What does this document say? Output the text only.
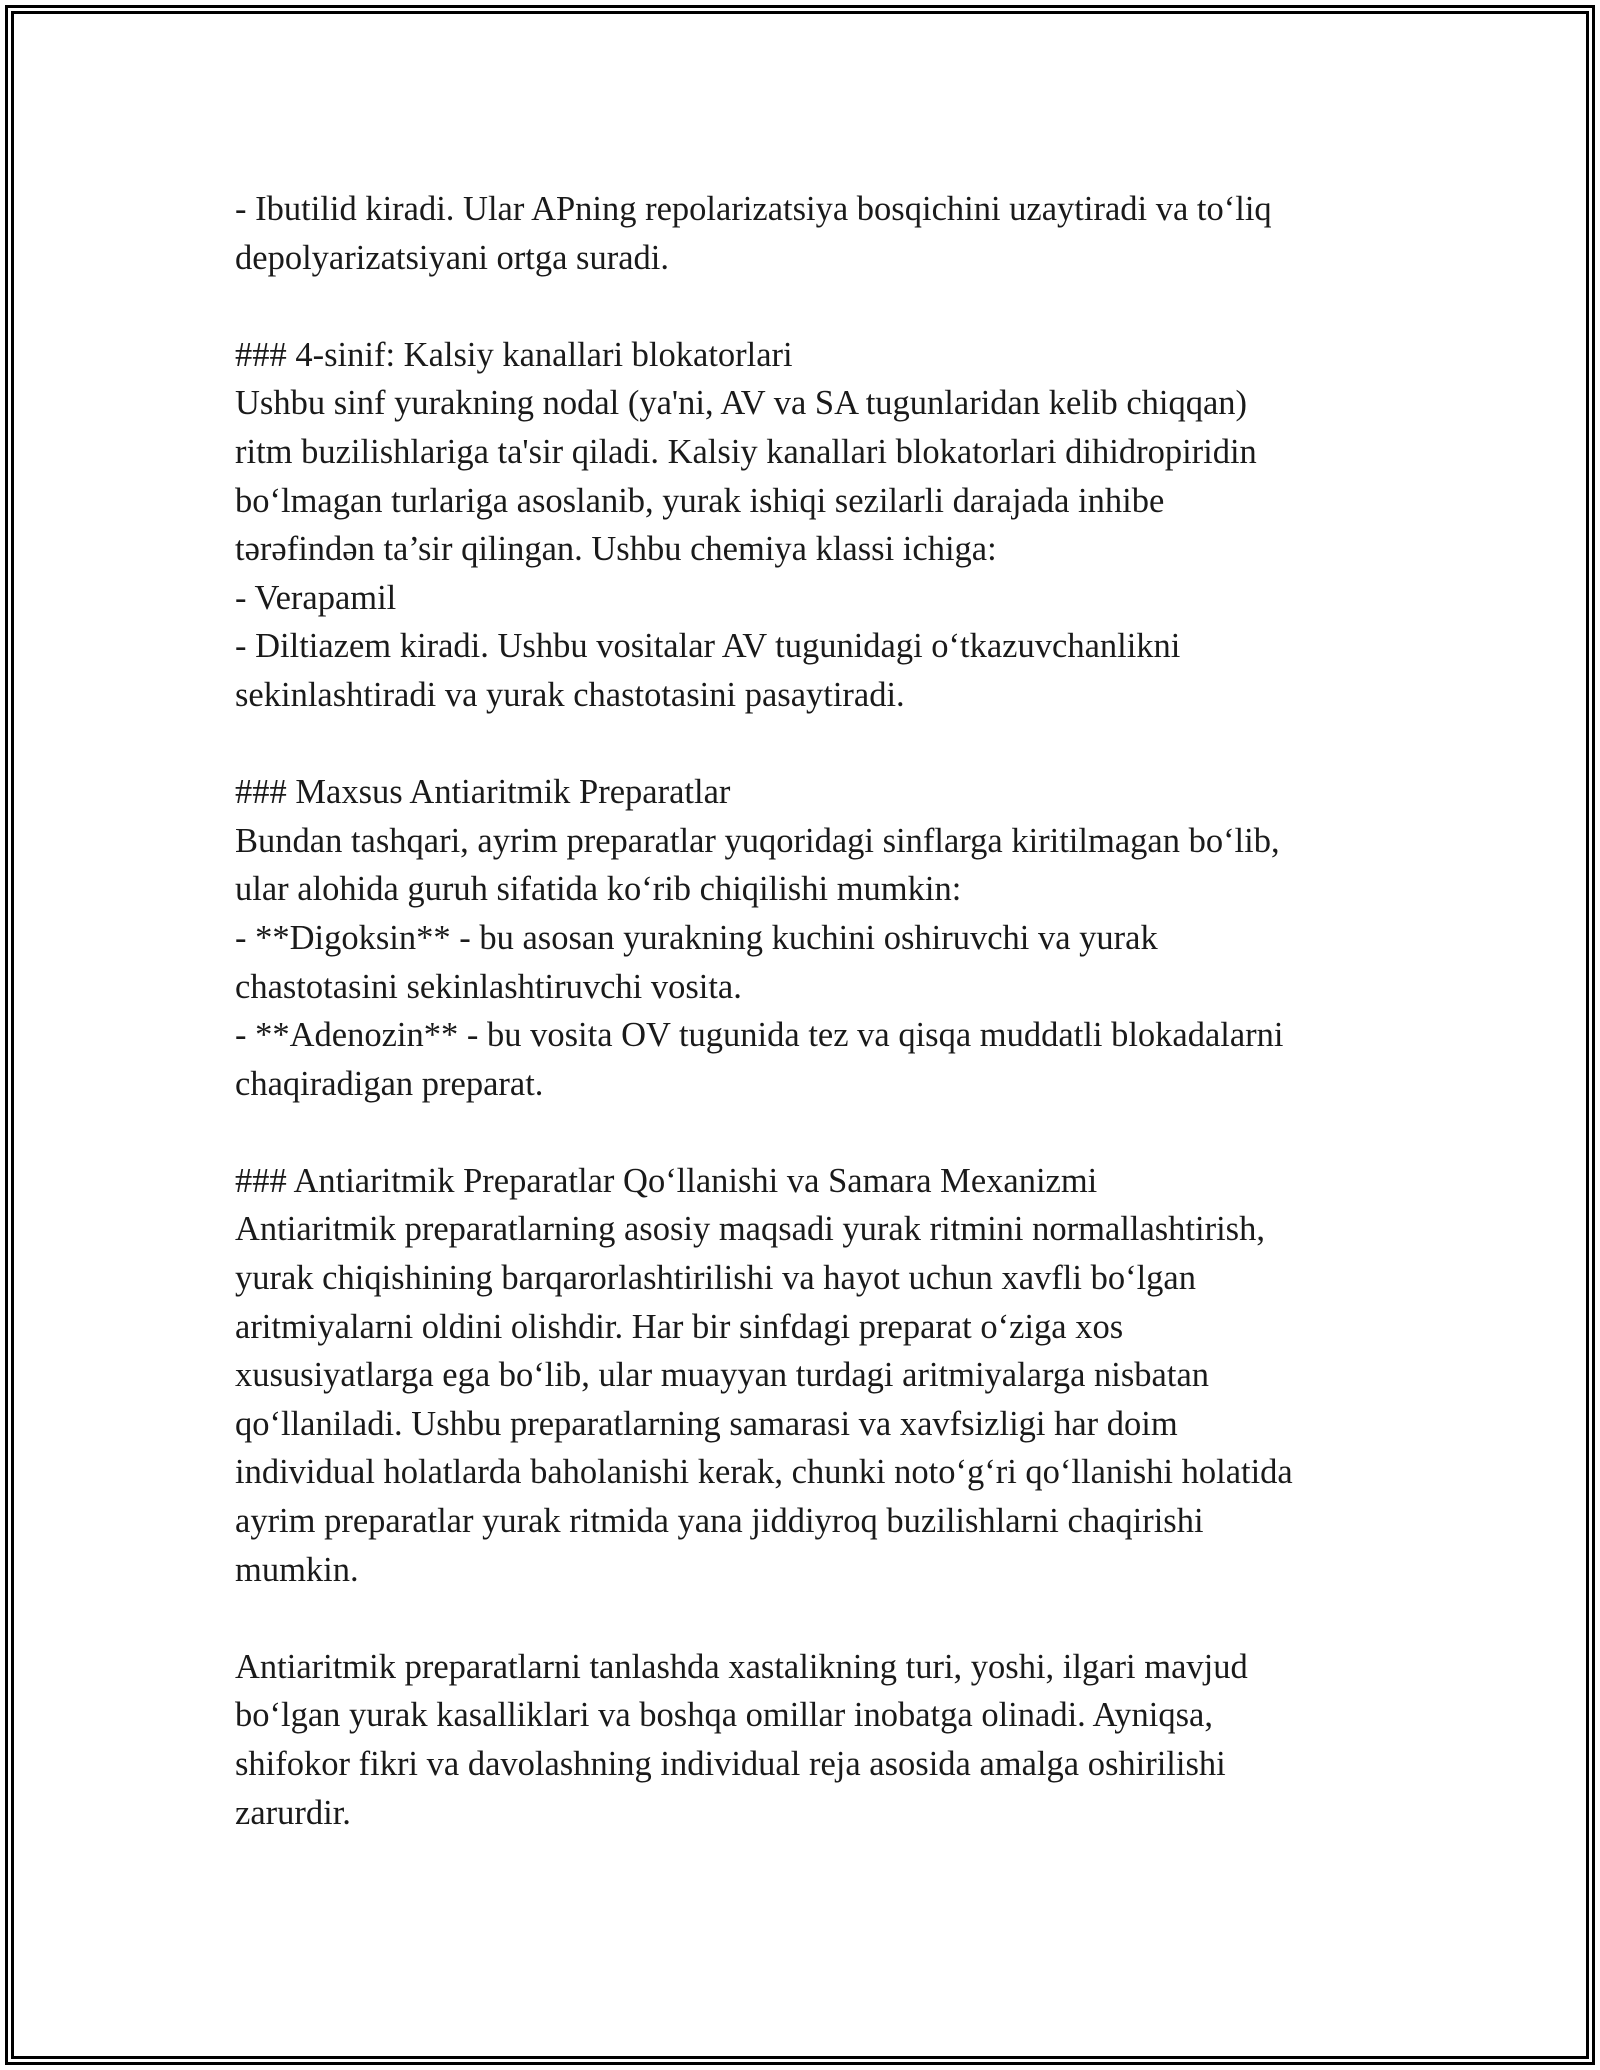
- Ibutilid kiradi. Ular APning repolarizatsiya bosqichini uzaytiradi va to‘liq
depolyarizatsiyani ortga suradi.
### 4-sinif: Kalsiy kanallari blokatorlari
Ushbu sinf yurakning nodal (ya'ni, AV va SA tugunlaridan kelib chiqqan)
ritm buzilishlariga ta'sir qiladi. Kalsiy kanallari blokatorlari dihidropiridin
bo‘lmagan turlariga asoslanib, yurak ishiqi sezilarli darajada inhibe
tərəfindən ta’sir qilingan. Ushbu chemiya klassi ichiga:
- Verapamil
- Diltiazem kiradi. Ushbu vositalar AV tugunidagi o‘tkazuvchanlikni
sekinlashtiradi va yurak chastotasini pasaytiradi.
### Maxsus Antiaritmik Preparatlar
Bundan tashqari, ayrim preparatlar yuqoridagi sinflarga kiritilmagan bo‘lib,
ular alohida guruh sifatida ko‘rib chiqilishi mumkin:
- **Digoksin** - bu asosan yurakning kuchini oshiruvchi va yurak
chastotasini sekinlashtiruvchi vosita.
- **Adenozin** - bu vosita OV tugunida tez va qisqa muddatli blokadalarni
chaqiradigan preparat.
### Antiaritmik Preparatlar Qo‘llanishi va Samara Mexanizmi
Antiaritmik preparatlarning asosiy maqsadi yurak ritmini normallashtirish,
yurak chiqishining barqarorlashtirilishi va hayot uchun xavfli bo‘lgan
aritmiyalarni oldini olishdir. Har bir sinfdagi preparat o‘ziga xos
xususiyatlarga ega bo‘lib, ular muayyan turdagi aritmiyalarga nisbatan
qo‘llaniladi. Ushbu preparatlarning samarasi va xavfsizligi har doim
individual holatlarda baholanishi kerak, chunki noto‘g‘ri qo‘llanishi holatida
ayrim preparatlar yurak ritmida yana jiddiyroq buzilishlarni chaqirishi
mumkin.
Antiaritmik preparatlarni tanlashda xastalikning turi, yoshi, ilgari mavjud
bo‘lgan yurak kasalliklari va boshqa omillar inobatga olinadi. Ayniqsa,
shifokor fikri va davolashning individual reja asosida amalga oshirilishi
zarurdir.
